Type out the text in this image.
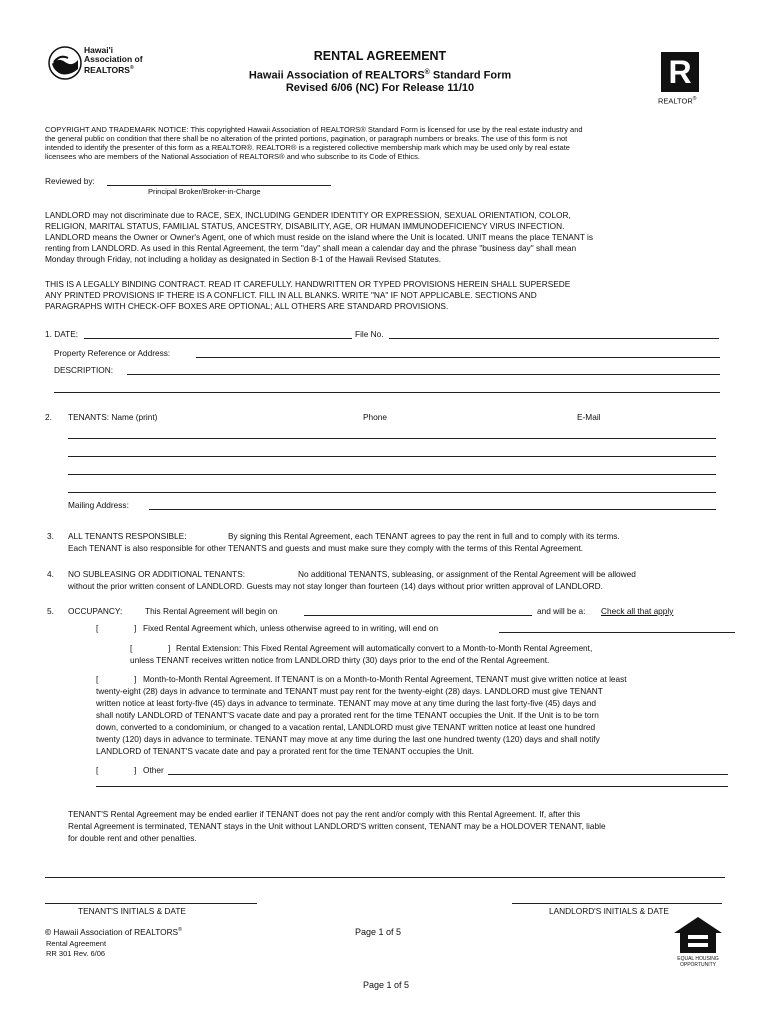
Hawai'i
Association of
REALTORS®
RENTAL AGREEMENT
Hawaii Association of REALTORS® Standard Form
Revised 6/06 (NC) For Release 11/10	R
REALTOR®
COPYRIGHT AND TRADEMARK NOTICE: This copyrighted Hawaii Association of REALTORS® Standard Form is licensed for use by the real estate industry and
the general public on condition that there shall be no alteration of the printed portions, pagination, or paragraph numbers or breaks. The use of this form is not
intended to identify the presenter of this form as a REALTOR®. REALTOR® is a registered collective membership mark which may be used only by real estate
licensees who are members of the National Association of REALTORS® and who subscribe to its Code of Ethics.
Reviewed by:
Principal Broker/Broker-in-Charge
LANDLORD may not discriminate due to RACE, SEX, INCLUDING GENDER IDENTITY OR EXPRESSION, SEXUAL ORIENTATION, COLOR,
RELIGION, MARITAL STATUS, FAMILIAL STATUS, ANCESTRY, DISABILITY, AGE, OR HUMAN IMMUNODEFICIENCY VIRUS INFECTION.
LANDLORD means the Owner or Owner's Agent, one of which must reside on the island where the Unit is located. UNIT means the place TENANT is
renting from LANDLORD. As used in this Rental Agreement, the term "day" shall mean a calendar day and the phrase "business day" shall mean
Monday through Friday, not including a holiday as designated in Section 8-1 of the Hawaii Revised Statutes.
THIS IS A LEGALLY BINDING CONTRACT. READ IT CAREFULLY. HANDWRITTEN OR TYPED PROVISIONS HEREIN SHALL SUPERSEDE
ANY PRINTED PROVISIONS IF THERE IS A CONFLICT. FILL IN ALL BLANKS. WRITE "NA" IF NOT APPLICABLE. SECTIONS AND
PARAGRAPHS WITH CHECK-OFF BOXES ARE OPTIONAL; ALL OTHERS ARE STANDARD PROVISIONS.
1. DATE:	File No.
Property Reference or Address:
DESCRIPTION:
2. TENANTS: Name (print)	Phone	E-Mail
Mailing Address:
3. ALL TENANTS RESPONSIBLE:	By signing this Rental Agreement, each TENANT agrees to pay the rent in full and to comply with its terms.
Each TENANT is also responsible for other TENANTS and guests and must make sure they comply with the terms of this Rental Agreement.
4. NO SUBLEASING OR ADDITIONAL TENANTS:	No additional TENANTS, subleasing, or assignment of the Rental Agreement will be allowed
without the prior written consent of LANDLORD. Guests may not stay longer than fourteen (14) days without prior written approval of LANDLORD.
5. OCCUPANCY:	This Rental Agreement will begin on	and will be a: Check all that apply
[	] Fixed Rental Agreement which, unless otherwise agreed to in writing, will end on
[	] Rental Extension: This Fixed Rental Agreement will automatically convert to a Month-to-Month Rental Agreement,
unless TENANT receives written notice from LANDLORD thirty (30) days prior to the end of the Rental Agreement.
[	] Month-to-Month Rental Agreement. If TENANT is on a Month-to-Month Rental Agreement, TENANT must give written notice at least
twenty-eight (28) days in advance to terminate and TENANT must pay rent for the twenty-eight (28) days. LANDLORD must give TENANT
written notice at least forty-five (45) days in advance to terminate. TENANT may move at any time during the last forty-five (45) days and
shall notify LANDLORD of TENANT'S vacate date and pay a prorated rent for the time TENANT occupies the Unit. If the Unit is to be torn
down, converted to a condominium, or changed to a vacation rental, LANDLORD must give TENANT written notice at least one hundred
twenty (120) days in advance to terminate. TENANT may move at any time during the last one hundred twenty (120) days and shall notify
LANDLORD of TENANT'S vacate date and pay a prorated rent for the time TENANT occupies the Unit.
[	] Other
TENANT'S Rental Agreement may be ended earlier if TENANT does not pay the rent and/or comply with this Rental Agreement. If, after this
Rental Agreement is terminated, TENANT stays in the Unit without LANDLORD'S written consent, TENANT may be a HOLDOVER TENANT, liable
for double rent and other penalties.
TENANT'S INITIALS & DATE	LANDLORD'S INITIALS & DATE
© Hawaii Association of REALTORS®
Rental Agreement
RR 301 Rev. 6/06
Page 1 of 5
EQUAL HOUSING
OPPORTUNITY
Page 1 of 5
